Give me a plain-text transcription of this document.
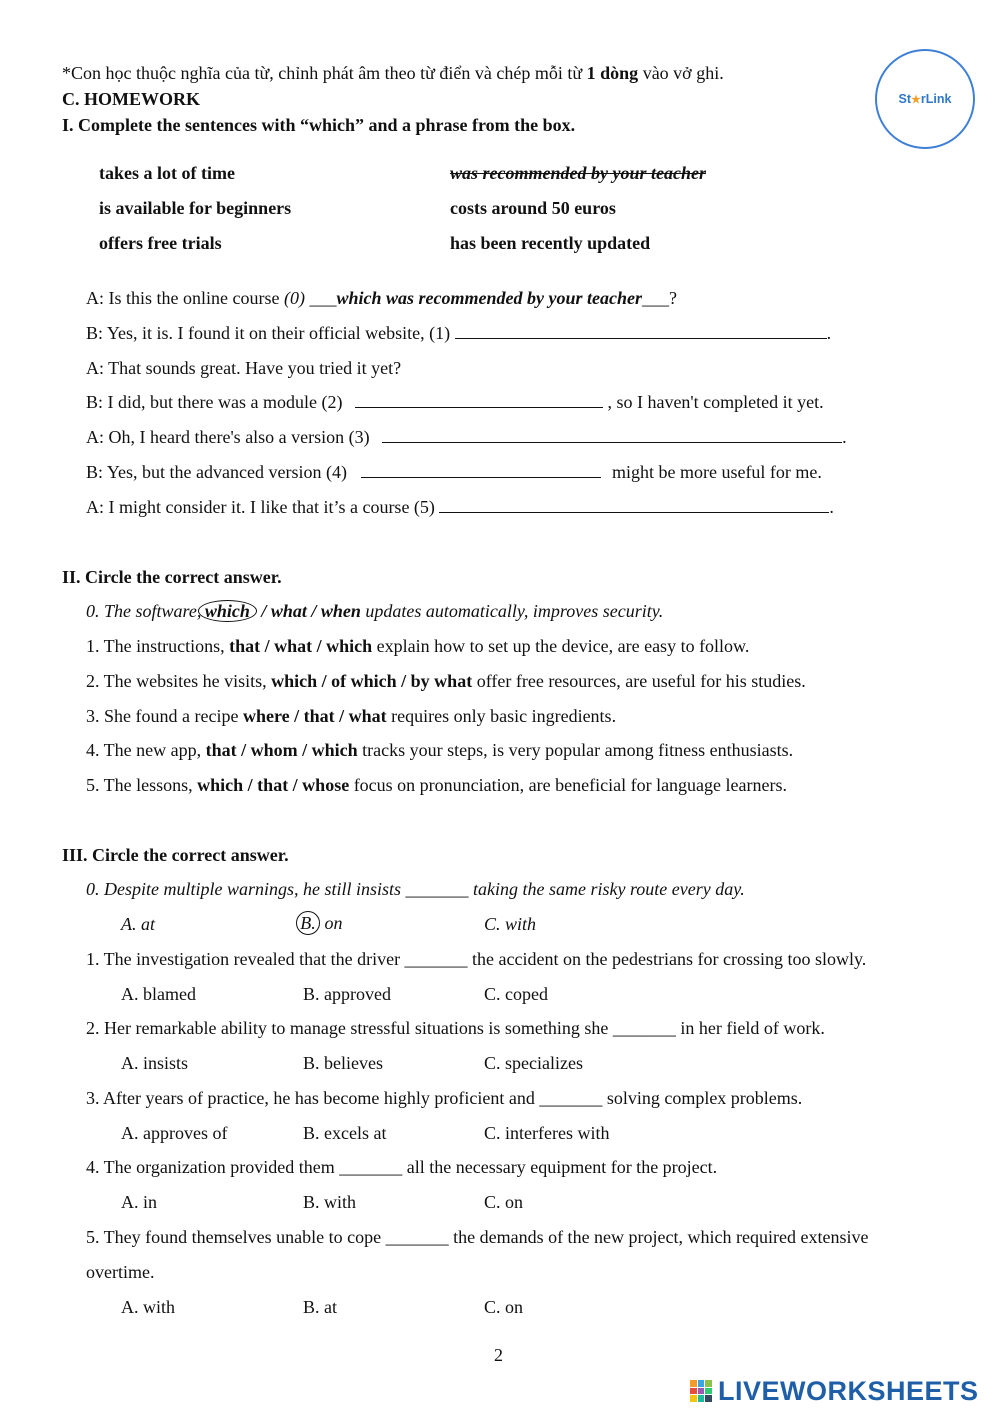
*Con học thuộc nghĩa của từ, chỉnh phát âm theo từ điển và chép mỗi từ 1 dòng vào vở ghi.
St ★ rLink
C. HOMEWORK
I. Complete the sentences with “which” and a phrase from the box.
takes a lot of time	was recommended by your teacher
is available for beginners	costs around 50 euros
offers free trials	has been recently updated
A: Is this the online course (0) ___which was recommended by your teacher___?
B: Yes, it is. I found it on their official website, (1)	.
A: That sounds great. Have you tried it yet?
B: I did, but there was a module (2)	, so I haven't completed it yet.
A: Oh, I heard there's also a version (3)	.
B: Yes, but the advanced version (4)	might be more useful for me.
A: I might consider it. I like that it’s a course (5)	.
II. Circle the correct answer.
0. The software, which / what / when updates automatically, improves security.
1. The instructions, that / what / which explain how to set up the device, are easy to follow.
2. The websites he visits, which / of which / by what offer free resources, are useful for his studies.
3. She found a recipe where / that / what requires only basic ingredients.
4. The new app, that / whom / which tracks your steps, is very popular among fitness enthusiasts.
5. The lessons, which / that / whose focus on pronunciation, are beneficial for language learners.
III. Circle the correct answer.
0. Despite multiple warnings, he still insists _______ taking the same risky route every day.
A. at	B. on	C. with
1. The investigation revealed that the driver _______ the accident on the pedestrians for crossing too slowly.
A. blamed	B. approved	C. coped
2. Her remarkable ability to manage stressful situations is something she _______ in her field of work.
A. insists	B. believes	C. specializes
3. After years of practice, he has become highly proficient and _______ solving complex problems.
A. approves of	B. excels at	C. interferes with
4. The organization provided them _______ all the necessary equipment for the project.
A. in	B. with	C. on
5. They found themselves unable to cope _______ the demands of the new project, which required extensive
overtime.
A. with	B. at	C. on
2
LIVEWORKSHEETS
